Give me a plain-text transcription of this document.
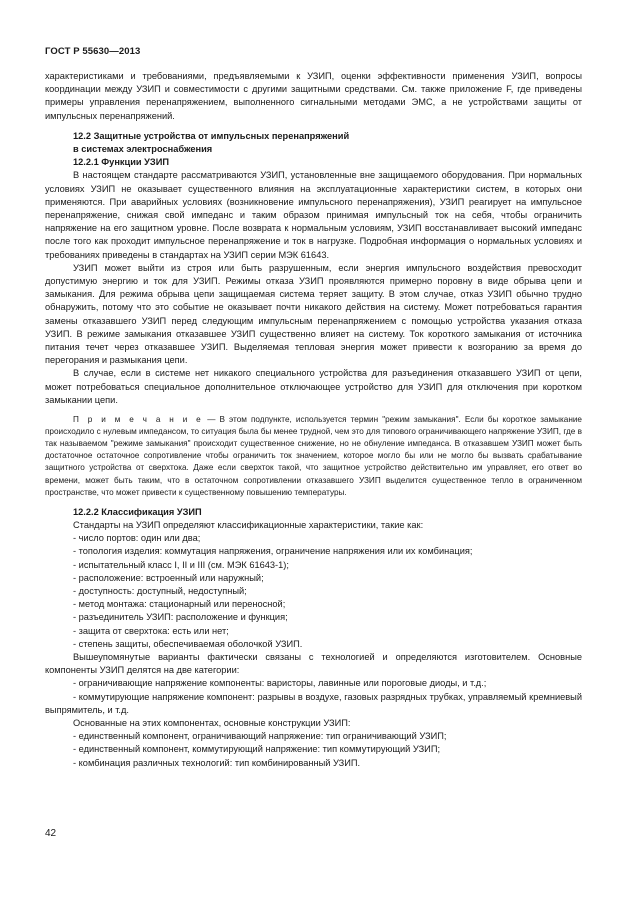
ГОСТ Р 55630—2013

характеристиками и требованиями, предъявляемыми к УЗИП, оценки эффективности применения УЗИП, вопросы координации между УЗИП и совместимости с другими защитными средствами. См. также приложение F, где приведены примеры управления перенапряжением, выполненного сигнальными методами ЭМС, а не устройствами защиты от импульсных перенапряжений.

12.2 Защитные устройства от импульсных перенапряжений

в системах электроснабжения

12.2.1 Функции УЗИП

В настоящем стандарте рассматриваются УЗИП, установленные вне защищаемого оборудования. При нормальных условиях УЗИП не оказывает существенного влияния на эксплуатационные характеристики систем, в которых они применяются. При аварийных условиях (возникновение импульсного перенапряжения), УЗИП реагирует на импульсное перенапряжение, снижая свой импеданс и таким образом принимая импульсный ток на себя, чтобы ограничить напряжение на его защитном уровне. После возврата к нормальным условиям, УЗИП восстанавливает высокий импеданс после того как проходит импульсное перенапряжение и ток в нагрузке. Подробная информация о нормальных условиях и требованиях приведены в стандартах на УЗИП серии МЭК 61643.

УЗИП может выйти из строя или быть разрушенным, если энергия импульсного воздействия превосходит допустимую энергию и ток для УЗИП. Режимы отказа УЗИП проявляются примерно поровну в виде обрыва цепи и замыкания. Для режима обрыва цепи защищаемая система теряет защиту. В этом случае, отказ УЗИП обычно трудно обнаружить, потому что это событие не оказывает почти никакого действия на систему. Может потребоваться гарантия замены отказавшего УЗИП перед следующим импульсным перенапряжением с помощью устройства указания отказа УЗИП. В режиме замыкания отказавшее УЗИП существенно влияет на систему. Ток короткого замыкания от источника питания течет через отказавшее УЗИП. Выделяемая тепловая энергия может привести к возгоранию за время до перегорания и размыкания цепи.

В случае, если в системе нет никакого специального устройства для разъединения отказавшего УЗИП от цепи, может потребоваться специальное дополнительное отключающее устройство для УЗИП для отключения при коротком замыкании цепи.

П р и м е ч а н и е — В этом подпункте, используется термин "режим замыкания". Если бы короткое замыкание происходило с нулевым импедансом, то ситуация была бы менее трудной, чем это для типового ограничивающего напряжение УЗИП, где в так называемом "режиме замыкания" происходит существенное снижение, но не обнуление импеданса. В отказавшем УЗИП может быть достаточное остаточное сопротивление чтобы ограничить ток значением, которое могло бы или не могло бы вызвать срабатывание защитного устройства от сверхтока. Даже если сверхток такой, что защитное устройство действительно им управляет, его ответ во времени, может быть таким, что в остаточном сопротивлении отказавшего УЗИП выделится существенное тепло в ограниченном пространстве, что может привести к существенному повышению температуры.

12.2.2 Классификация УЗИП

Стандарты на УЗИП определяют классификационные характеристики, такие как:

- число портов: один или два;

- топология изделия: коммутация напряжения, ограничение напряжения или их комбинация;

- испытательный класс I, II и III (см. МЭК 61643-1);

- расположение: встроенный или наружный;

- доступность: доступный, недоступный;

- метод монтажа: стационарный или переносной;

- разъединитель УЗИП: расположение и функция;

- защита от сверхтока: есть или нет;

- степень защиты, обеспечиваемая оболочкой УЗИП.

Вышеупомянутые варианты фактически связаны с технологией и определяются изготовителем. Основные компоненты УЗИП делятся на две категории:

- ограничивающие напряжение компоненты: варисторы, лавинные или пороговые диоды, и т.д.;

- коммутирующие напряжение компонент: разрывы в воздухе, газовых разрядных трубках, управляемый кремниевый выпрямитель, и т.д.

Основанные на этих компонентах, основные конструкции УЗИП:

- единственный компонент, ограничивающий напряжение: тип ограничивающий УЗИП;

- единственный компонент, коммутирующий напряжение: тип коммутирующий УЗИП;

- комбинация различных технологий: тип комбинированный УЗИП.

42
